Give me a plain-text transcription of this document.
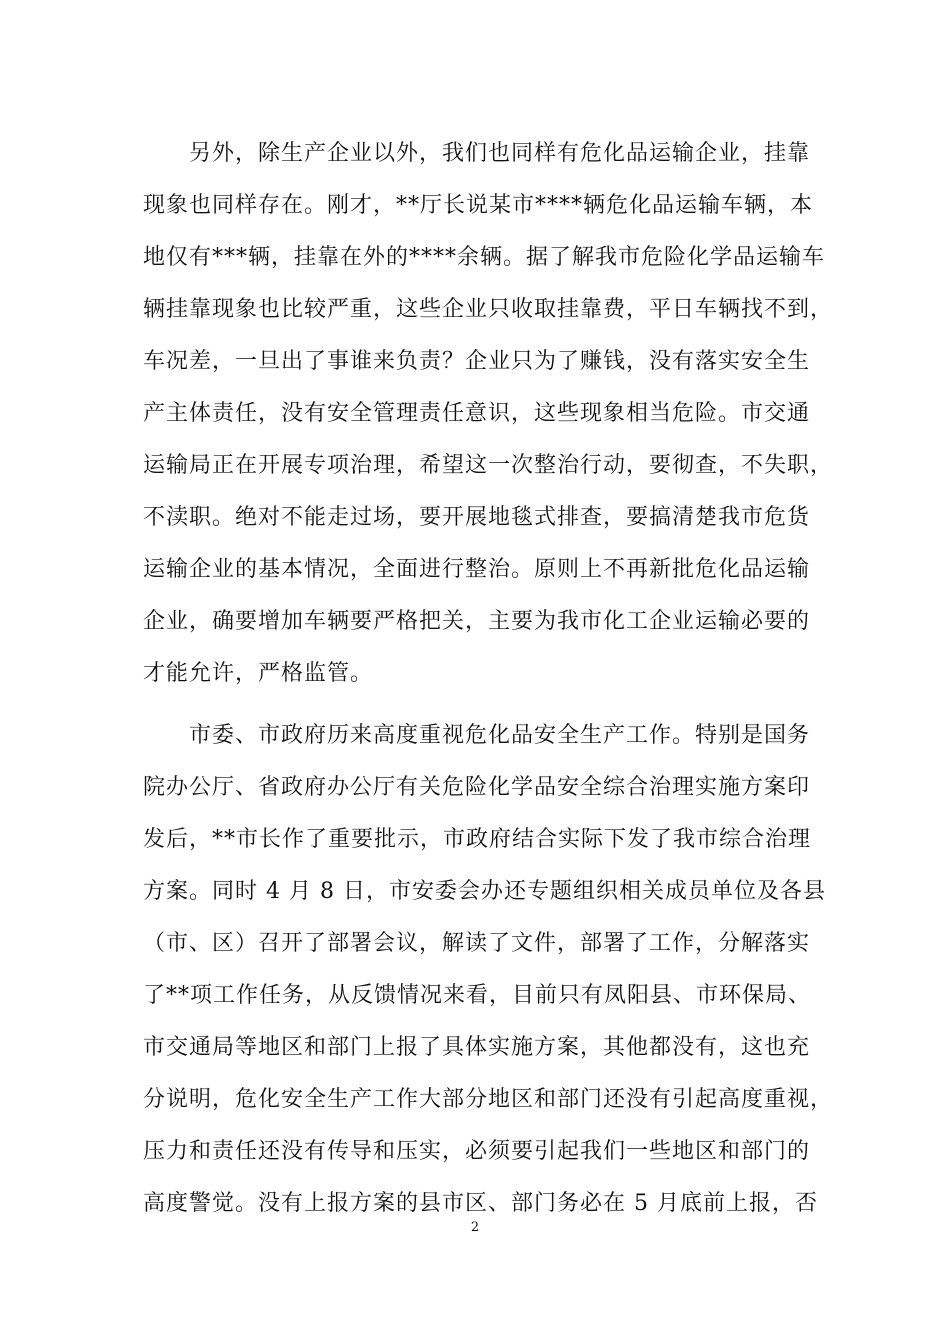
　　另外，除生产企业以外，我们也同样有危化品运输企业，挂靠
现象也同样存在。刚才，**厅长说某市****辆危化品运输车辆，本
地仅有***辆，挂靠在外的****余辆。据了解我市危险化学品运输车
辆挂靠现象也比较严重，这些企业只收取挂靠费，平日车辆找不到，
车况差，一旦出了事谁来负责？企业只为了赚钱，没有落实安全生
产主体责任，没有安全管理责任意识，这些现象相当危险。市交通
运输局正在开展专项治理，希望这一次整治行动，要彻查，不失职，
不渎职。绝对不能走过场，要开展地毯式排查，要搞清楚我市危货
运输企业的基本情况，全面进行整治。原则上不再新批危化品运输
企业，确要增加车辆要严格把关，主要为我市化工企业运输必要的
才能允许，严格监管。
　　市委、市政府历来高度重视危化品安全生产工作。特别是国务
院办公厅、省政府办公厅有关危险化学品安全综合治理实施方案印
发后，**市长作了重要批示，市政府结合实际下发了我市综合治理
方案。同时 4 月 8 日，市安委会办还专题组织相关成员单位及各县
（市、区）召开了部署会议，解读了文件，部署了工作，分解落实
了**项工作任务，从反馈情况来看，目前只有凤阳县、市环保局、
市交通局等地区和部门上报了具体实施方案，其他都没有，这也充
分说明，危化安全生产工作大部分地区和部门还没有引起高度重视，
压力和责任还没有传导和压实，必须要引起我们一些地区和部门的
高度警觉。没有上报方案的县市区、部门务必在 5 月底前上报，否
2
